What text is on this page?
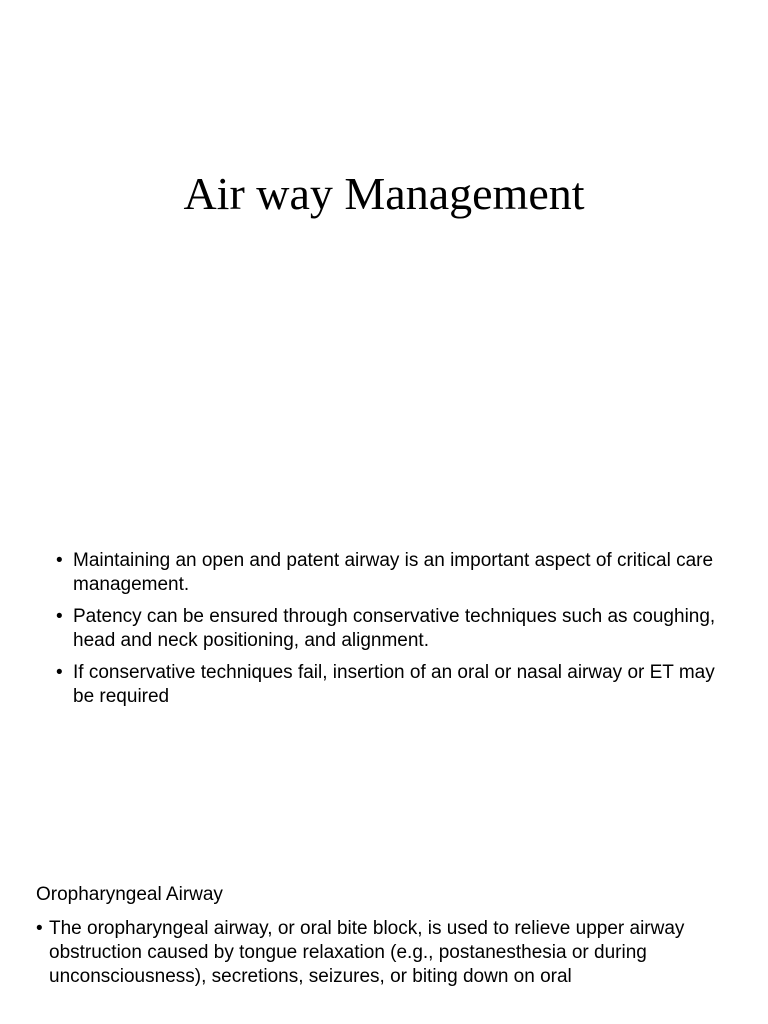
Air way Management
• Maintaining an open and patent airway is an important aspect of critical care management.
• Patency can be ensured through conservative techniques such as coughing, head and neck positioning, and alignment.
• If conservative techniques fail, insertion of an oral or nasal airway or ET may be required

Oropharyngeal Airway

• The oropharyngeal airway, or oral bite block, is used to relieve upper airway obstruction caused by tongue relaxation (e.g., postanesthesia or during unconsciousness), secretions, seizures, or biting down on oral
